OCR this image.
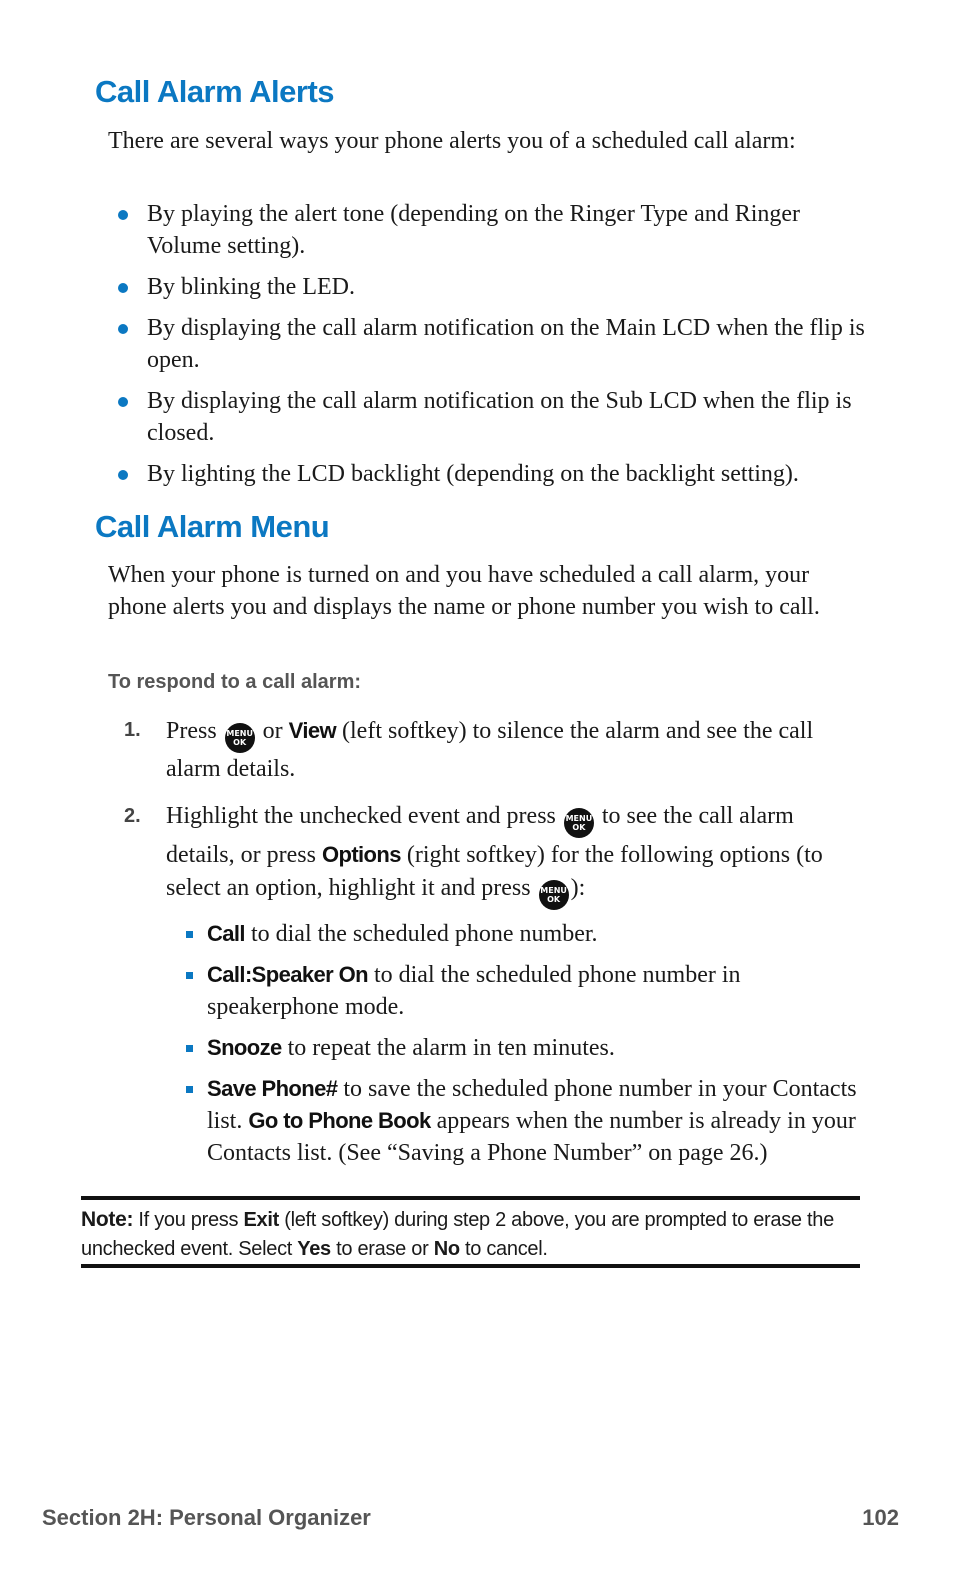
Call Alarm Alerts

There are several ways your phone alerts you of a scheduled call alarm:

By playing the alert tone (depending on the Ringer Type and Ringer Volume setting).
By blinking the LED.
By displaying the call alarm notification on the Main LCD when the flip is open.
By displaying the call alarm notification on the Sub LCD when the flip is closed.
By lighting the LCD backlight (depending on the backlight setting).
Call Alarm Menu

When your phone is turned on and you have scheduled a call alarm, your phone alerts you and displays the name or phone number you wish to call.

To respond to a call alarm:

1. Press MENU
OK or View (left softkey) to silence the alarm and see the call alarm details.
2. Highlight the unchecked event and press MENU
OK to see the call alarm details, or press Options (right softkey) for the following options (to select an option, highlight it and press MENU
OK ):
Call to dial the scheduled phone number.
Call:Speaker On to dial the scheduled phone number in speakerphone mode.
Snooze to repeat the alarm in ten minutes.
Save Phone# to save the scheduled phone number in your Contacts list. Go to Phone Book appears when the number is already in your Contacts list. (See “Saving a Phone Number” on page 26.)
Note: If you press Exit (left softkey) during step 2 above, you are prompted to erase the unchecked event. Select Yes to erase or No to cancel.

Section 2H: Personal Organizer	102
